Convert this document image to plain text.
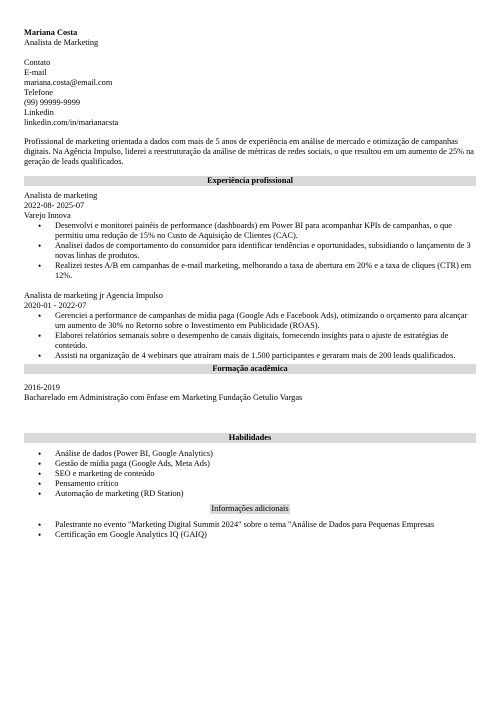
Mariana Costa
Analista de Marketing
Contato
E-mail
mariana.costa@email.com
Telefone
(99) 99999-9999
Linkedin
linkedin.com/in/marianacsta
Profissional de marketing orientada a dados com mais de 5 anos de experiência em análise de mercado e otimização de campanhas digitais. Na Agência Impulso, liderei a reestruturação da análise de métricas de redes sociais, o que resultou em um aumento de 25% na geração de leads qualificados.
Experiência profissional
Analista de marketing
2022-08- 2025-07
Varejo Innova
• Desenvolvi e monitorei painéis de performance (dashboards) em Power BI para acompanhar KPIs de campanhas, o que permitiu uma redução de 15% no Custo de Aquisição de Clientes (CAC).
• Analisei dados de comportamento do consumidor para identificar tendências e oportunidades, subsidiando o lançamento de 3 novas linhas de produtos.
• Realizei testes A/B em campanhas de e-mail marketing, melhorando a taxa de abertura em 20% e a taxa de cliques (CTR) em 12%.
Analista de marketing jr Agencia Impulso
2020-01 - 2022-07
• Gerenciei a performance de campanhas de mídia paga (Google Ads e Facebook Ads), otimizando o orçamento para alcançar um aumento de 30% no Retorno sobre o Investimento em Publicidade (ROAS).
• Elaborei relatórios semanais sobre o desempenho de canais digitais, fornecendo insights para o ajuste de estratégias de conteúdo.
• Assisti na organização de 4 webinars que atraíram mais de 1.500 participantes e geraram mais de 200 leads qualificados.
Formação acadêmica
2016-2019
Bacharelado em Administração com ênfase em Marketing Fundação Getulio Vargas
Habilidades
• Análise de dados (Power BI, Google Analytics)
• Gestão de mídia paga (Google Ads, Meta Ads)
• SEO e marketing de conteúdo
• Pensamento crítico
• Automação de marketing (RD Station)
Informações adicionais
• Palestrante no evento "Marketing Digital Summit 2024" sobre o tema "Análise de Dados para Pequenas Empresas
• Certificação em Google Analytics IQ (GAIQ)
